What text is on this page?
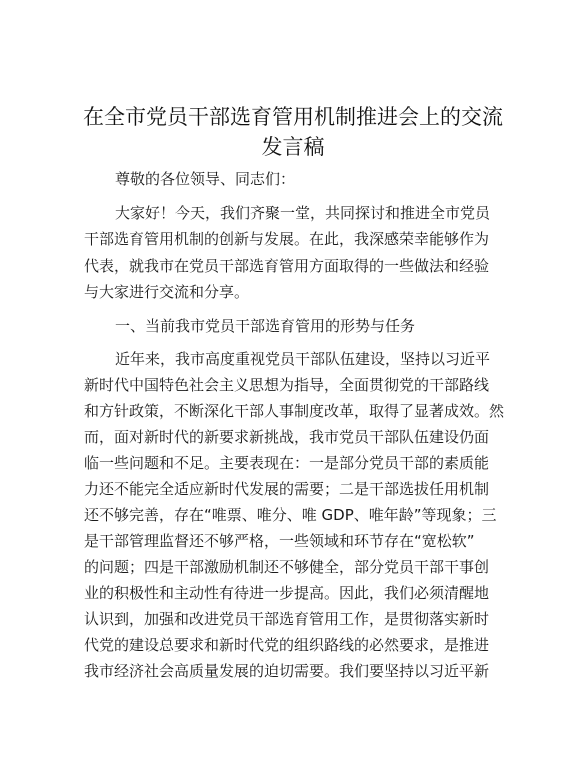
在全市党员干部选育管用机制推进会上的交流
发言稿
尊敬的各位领导、同志们：
大家好！今天，我们齐聚一堂，共同探讨和推进全市党员
干部选育管用机制的创新与发展。在此，我深感荣幸能够作为
代表，就我市在党员干部选育管用方面取得的一些做法和经验
与大家进行交流和分享。
一、当前我市党员干部选育管用的形势与任务
近年来，我市高度重视党员干部队伍建设，坚持以习近平
新时代中国特色社会主义思想为指导，全面贯彻党的干部路线
和方针政策，不断深化干部人事制度改革，取得了显著成效。然
而，面对新时代的新要求新挑战，我市党员干部队伍建设仍面
临一些问题和不足。主要表现在：一是部分党员干部的素质能
力还不能完全适应新时代发展的需要；二是干部选拔任用机制
还不够完善，存在“唯票、唯分、唯 GDP、唯年龄”等现象；三
是干部管理监督还不够严格，一些领域和环节存在“宽松软”
的问题；四是干部激励机制还不够健全，部分党员干部干事创
业的积极性和主动性有待进一步提高。因此，我们必须清醒地
认识到，加强和改进党员干部选育管用工作，是贯彻落实新时
代党的建设总要求和新时代党的组织路线的必然要求，是推进
我市经济社会高质量发展的迫切需要。我们要坚持以习近平新
